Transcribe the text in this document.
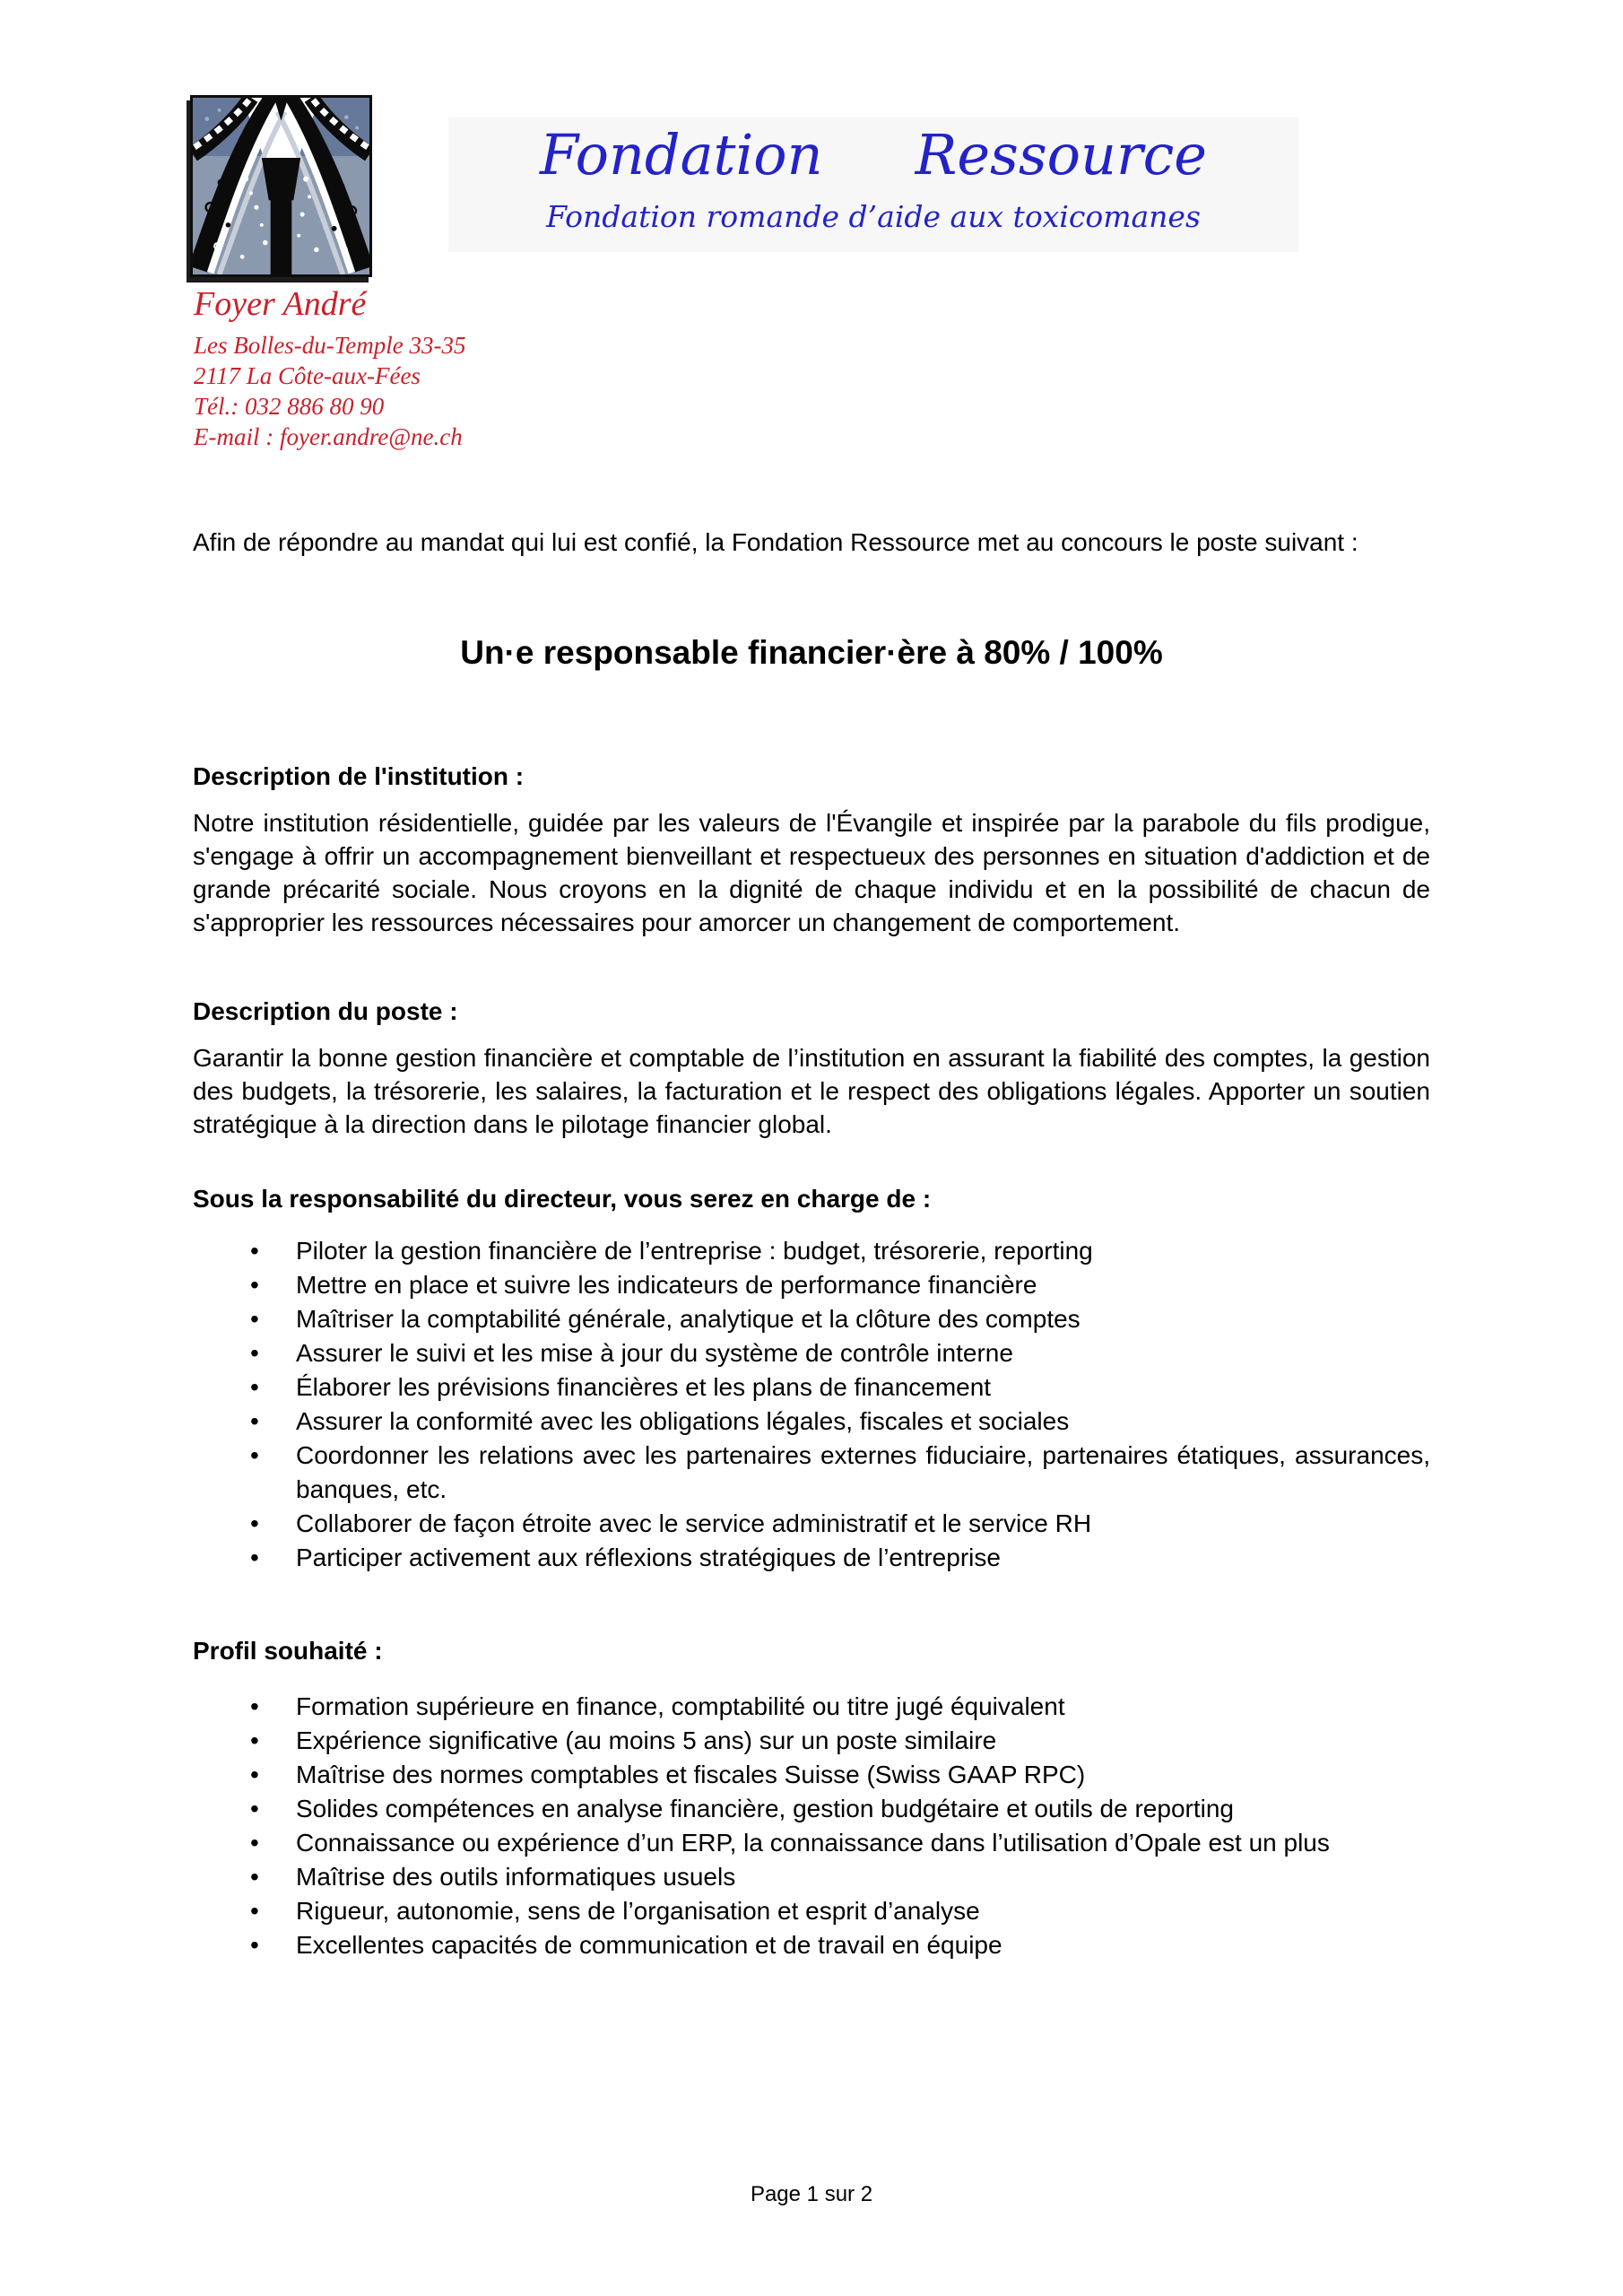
Fondation Ressource
Fondation romande d’aide aux toxicomanes
Foyer André
Les Bolles-du-Temple 33-35
2117 La Côte-aux-Fées
Tél.: 032 886 80 90
E-mail : foyer.andre@ne.ch

Afin de répondre au mandat qui lui est confié, la Fondation Ressource met au concours le poste suivant :

Un·e responsable financier·ère à 80% / 100%
Description de l'institution :

Notre institution résidentielle, guidée par les valeurs de l'Évangile et inspirée par la parabole du fils prodigue, s'engage à offrir un accompagnement bienveillant et respectueux des personnes en situation d'addiction et de grande précarité sociale. Nous croyons en la dignité de chaque individu et en la possibilité de chacun de s'approprier les ressources nécessaires pour amorcer un changement de comportement.

Description du poste :

Garantir la bonne gestion financière et comptable de l’institution en assurant la fiabilité des comptes, la gestion des budgets, la trésorerie, les salaires, la facturation et le respect des obligations légales. Apporter un soutien stratégique à la direction dans le pilotage financier global.

Sous la responsabilité du directeur, vous serez en charge de :
• Piloter la gestion financière de l’entreprise : budget, trésorerie, reporting
• Mettre en place et suivre les indicateurs de performance financière
• Maîtriser la comptabilité générale, analytique et la clôture des comptes
• Assurer le suivi et les mise à jour du système de contrôle interne
• Élaborer les prévisions financières et les plans de financement
• Assurer la conformité avec les obligations légales, fiscales et sociales
• Coordonner les relations avec les partenaires externes fiduciaire, partenaires étatiques, assurances, banques, etc.
• Collaborer de façon étroite avec le service administratif et le service RH
• Participer activement aux réflexions stratégiques de l’entreprise
Profil souhaité :
• Formation supérieure en finance, comptabilité ou titre jugé équivalent
• Expérience significative (au moins 5 ans) sur un poste similaire
• Maîtrise des normes comptables et fiscales Suisse (Swiss GAAP RPC)
• Solides compétences en analyse financière, gestion budgétaire et outils de reporting
• Connaissance ou expérience d’un ERP, la connaissance dans l’utilisation d’Opale est un plus
• Maîtrise des outils informatiques usuels
• Rigueur, autonomie, sens de l’organisation et esprit d’analyse
• Excellentes capacités de communication et de travail en équipe
Page 1 sur 2
